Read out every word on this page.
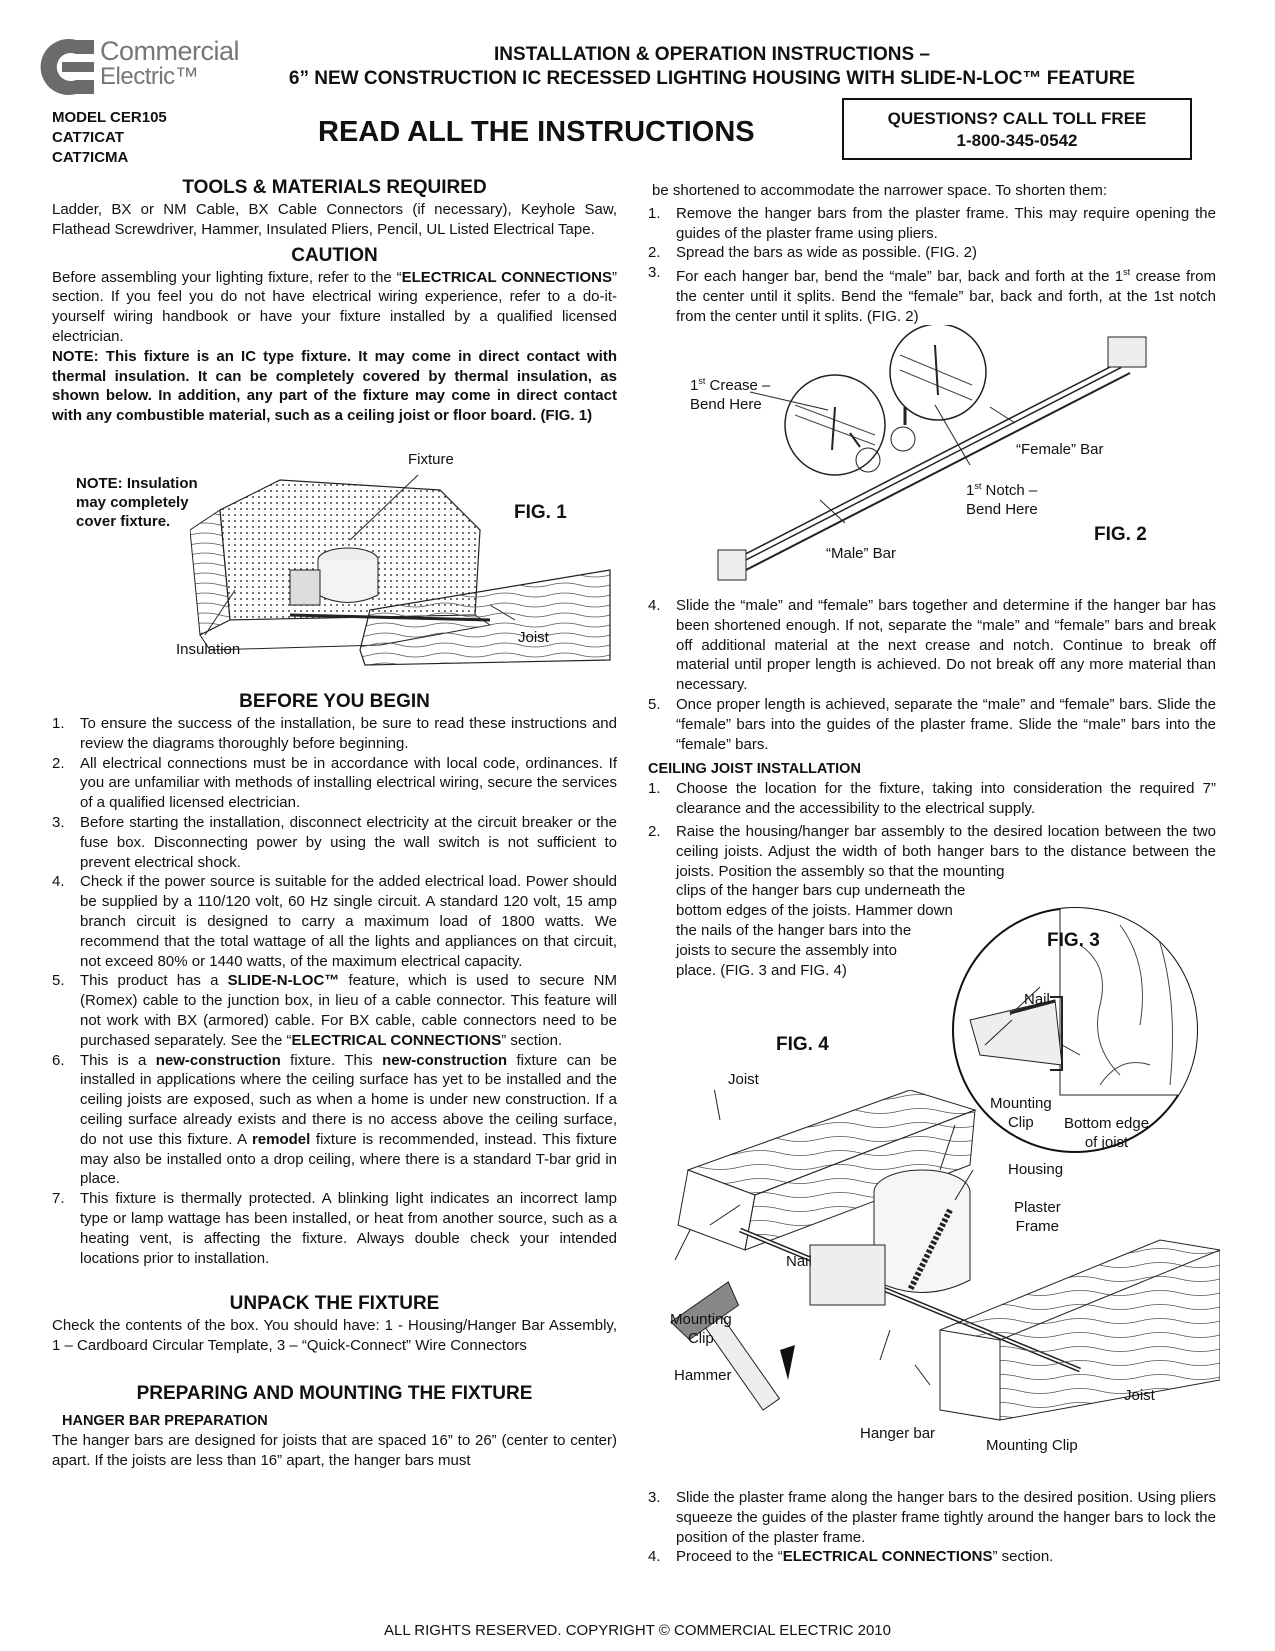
Commercial
Electric™
INSTALLATION & OPERATION INSTRUCTIONS –
6” NEW CONSTRUCTION IC RECESSED LIGHTING HOUSING WITH SLIDE-N-LOC™ FEATURE
MODEL CER105
CAT7ICAT
CAT7ICMA
READ ALL THE INSTRUCTIONS	QUESTIONS? CALL TOLL FREE
1-800-345-0542
TOOLS & MATERIALS REQUIRED

Ladder, BX or NM Cable, BX Cable Connectors (if necessary), Keyhole Saw, Flathead Screwdriver, Hammer, Insulated Pliers, Pencil, UL Listed Electrical Tape.

CAUTION

Before assembling your lighting fixture, refer to the “ELECTRICAL CONNECTIONS” section. If you feel you do not have electrical wiring experience, refer to a do-it-yourself wiring handbook or have your fixture installed by a qualified licensed electrician.

NOTE: This fixture is an IC type fixture. It may come in direct contact with thermal insulation. It can be completely covered by thermal insulation, as shown below. In addition, any part of the fixture may come in direct contact with any combustible material, such as a ceiling joist or floor board. (FIG. 1)

Fixture
NOTE: Insulation
may completely
cover fixture.	FIG. 1
Insulation
Joist
BEFORE YOU BEGIN
1. To ensure the success of the installation, be sure to read these instructions and review the diagrams thoroughly before beginning.
2. All electrical connections must be in accordance with local code, ordinances. If you are unfamiliar with methods of installing electrical wiring, secure the services of a qualified licensed electrician.
3. Before starting the installation, disconnect electricity at the circuit breaker or the fuse box. Disconnecting power by using the wall switch is not sufficient to prevent electrical shock.
4. Check if the power source is suitable for the added electrical load. Power should be supplied by a 110/120 volt, 60 Hz single circuit. A standard 120 volt, 15 amp branch circuit is designed to carry a maximum load of 1800 watts. We recommend that the total wattage of all the lights and appliances on that circuit, not exceed 80% or 1440 watts, of the maximum electrical capacity.
5. This product has a SLIDE-N-LOC™ feature, which is used to secure NM (Romex) cable to the junction box, in lieu of a cable connector. This feature will not work with BX (armored) cable. For BX cable, cable connectors need to be purchased separately. See the “ELECTRICAL CONNECTIONS” section.
6. This is a new-construction fixture. This new-construction fixture can be installed in applications where the ceiling surface has yet to be installed and the ceiling joists are exposed, such as when a home is under new construction. If a ceiling surface already exists and there is no access above the ceiling surface, do not use this fixture. A remodel fixture is recommended, instead. This fixture may also be installed onto a drop ceiling, where there is a standard T-bar grid in place.
7. This fixture is thermally protected. A blinking light indicates an incorrect lamp type or lamp wattage has been installed, or heat from another source, such as a heating vent, is affecting the fixture. Always double check your intended locations prior to installation.
UNPACK THE FIXTURE

Check the contents of the box. You should have: 1 - Housing/Hanger Bar Assembly, 1 – Cardboard Circular Template, 3 – “Quick-Connect” Wire Connectors

PREPARING AND MOUNTING THE FIXTURE
HANGER BAR PREPARATION

The hanger bars are designed for joists that are spaced 16” to 26” (center to center) apart. If the joists are less than 16” apart, the hanger bars must

be shortened to accommodate the narrower space. To shorten them:

1. Remove the hanger bars from the plaster frame. This may require opening the guides of the plaster frame using pliers.
2. Spread the bars as wide as possible. (FIG. 2)
3. For each hanger bar, bend the “male” bar, back and forth at the 1st crease from the center until it splits. Bend the “female” bar, back and forth, at the 1st notch from the center until it splits. (FIG. 2)
1st Crease –
Bend Here
“Female” Bar
1st Notch –
Bend Here
FIG. 2
“Male” Bar
4. Slide the “male” and “female” bars together and determine if the hanger bar has been shortened enough. If not, separate the “male” and “female” bars and break off additional material at the next crease and notch. Continue to break off material until proper length is achieved. Do not break off any more material than necessary.
5. Once proper length is achieved, separate the “male” and “female” bars. Slide the “female” bars into the guides of the plaster frame. Slide the “male” bars into the “female” bars.
CEILING JOIST INSTALLATION
1. Choose the location for the fixture, taking into consideration the required 7” clearance and the accessibility to the electrical supply.
2. Raise the housing/hanger bar assembly to the desired location between the two ceiling joists. Adjust the width of both hanger bars to the distance between the joists. Position the assembly so that the mounting
clips of the hanger bars cup underneath the
bottom edges of the joists. Hammer down
the nails of the hanger bars into the
joists to secure the assembly into
place. (FIG. 3 and FIG. 4)
FIG. 3
Nail
Mounting
Clip	Bottom edge
of joist
FIG. 4
Joist
Housing
Plaster
Frame
Nail
Mounting
Clip
Hammer
Joist
Hanger bar
Mounting Clip
3. Slide the plaster frame along the hanger bars to the desired position. Using pliers squeeze the guides of the plaster frame tightly around the hanger bars to lock the position of the plaster frame.
4. Proceed to the “ELECTRICAL CONNECTIONS” section.
ALL RIGHTS RESERVED. COPYRIGHT © COMMERCIAL ELECTRIC 2010
